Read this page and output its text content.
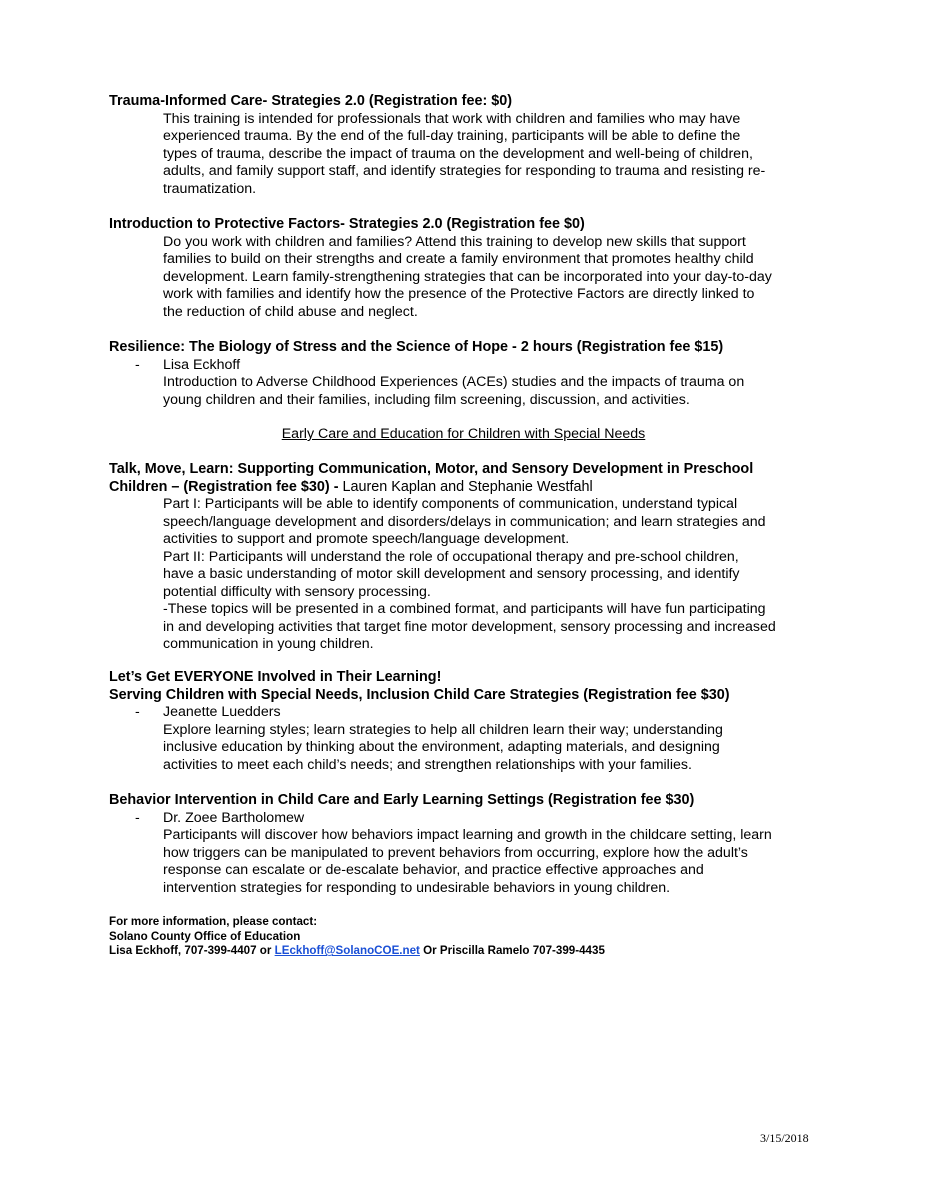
Trauma-Informed Care- Strategies 2.0 (Registration fee: $0)

This training is intended for professionals that work with children and families who may have
experienced trauma. By the end of the full-day training, participants will be able to define the
types of trauma, describe the impact of trauma on the development and well-being of children,
adults, and family support staff, and identify strategies for responding to trauma and resisting re-
traumatization.

Introduction to Protective Factors- Strategies 2.0 (Registration fee $0)

Do you work with children and families? Attend this training to develop new skills that support
families to build on their strengths and create a family environment that promotes healthy child
development. Learn family-strengthening strategies that can be incorporated into your day-to-day
work with families and identify how the presence of the Protective Factors are directly linked to
the reduction of child abuse and neglect.

Resilience: The Biology of Stress and the Science of Hope - 2 hours (Registration fee $15)

- Lisa Eckhoff
Introduction to Adverse Childhood Experiences (ACEs) studies and the impacts of trauma on
young children and their families, including film screening, discussion, and activities.
Early Care and Education for Children with Special Needs

Talk, Move, Learn: Supporting Communication, Motor, and Sensory Development in Preschool

Children – (Registration fee $30) - Lauren Kaplan and Stephanie Westfahl

Part I: Participants will be able to identify components of communication, understand typical
speech/language development and disorders/delays in communication; and learn strategies and
activities to support and promote speech/language development.
Part II: Participants will understand the role of occupational therapy and pre-school children,
have a basic understanding of motor skill development and sensory processing, and identify
potential difficulty with sensory processing.
-These topics will be presented in a combined format, and participants will have fun participating
in and developing activities that target fine motor development, sensory processing and increased
communication in young children.

Let’s Get EVERYONE Involved in Their Learning!

Serving Children with Special Needs, Inclusion Child Care Strategies (Registration fee $30)

- Jeanette Luedders
Explore learning styles; learn strategies to help all children learn their way; understanding
inclusive education by thinking about the environment, adapting materials, and designing
activities to meet each child’s needs; and strengthen relationships with your families.

Behavior Intervention in Child Care and Early Learning Settings (Registration fee $30)

- Dr. Zoee Bartholomew
Participants will discover how behaviors impact learning and growth in the childcare setting, learn
how triggers can be manipulated to prevent behaviors from occurring, explore how the adult’s
response can escalate or de-escalate behavior, and practice effective approaches and
intervention strategies for responding to undesirable behaviors in young children.
For more information, please contact:
Solano County Office of Education
Lisa Eckhoff, 707-399-4407 or LEckhoff@SolanoCOE.net Or Priscilla Ramelo 707-399-4435
3/15/2018
